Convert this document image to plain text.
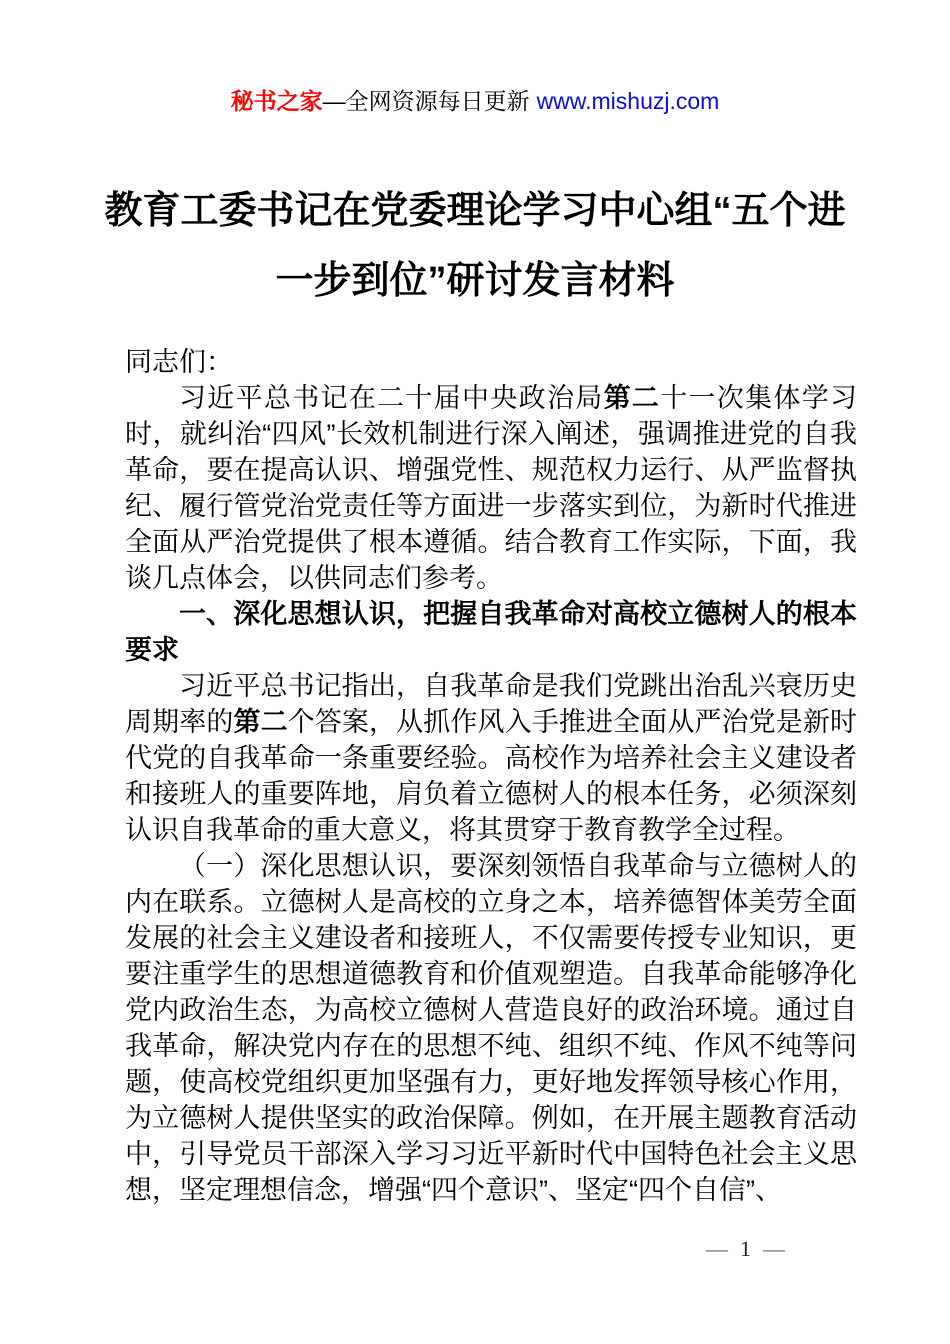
秘书之家—全网资源每日更新 www.mishuzj.com
教育工委书记在党委理论学习中心组“五个进
一步到位”研讨发言材料

同志们：

习近平总书记在二十届中央政治局第二十一次集体学习时，就纠治“四风”长效机制进行深入阐述，强调推进党的自我革命，要在提高认识、增强党性、规范权力运行、从严监督执纪、履行管党治党责任等方面进一步落实到位，为新时代推进全面从严治党提供了根本遵循。结合教育工作实际，下面，我谈几点体会，以供同志们参考。

一、深化思想认识，把握自我革命对高校立德树人的根本要求

习近平总书记指出，自我革命是我们党跳出治乱兴衰历史周期率的第二个答案，从抓作风入手推进全面从严治党是新时代党的自我革命一条重要经验。高校作为培养社会主义建设者和接班人的重要阵地，肩负着立德树人的根本任务，必须深刻认识自我革命的重大意义，将其贯穿于教育教学全过程。

（一）深化思想认识，要深刻领悟自我革命与立德树人的内在联系。立德树人是高校的立身之本，培养德智体美劳全面发展的社会主义建设者和接班人，不仅需要传授专业知识，更要注重学生的思想道德教育和价值观塑造。自我革命能够净化党内政治生态，为高校立德树人营造良好的政治环境。通过自我革命，解决党内存在的思想不纯、组织不纯、作风不纯等问题，使高校党组织更加坚强有力，更好地发挥领导核心作用，为立德树人提供坚实的政治保障。例如，在开展主题教育活动中，引导党员干部深入学习习近平新时代中国特色社会主义思想，坚定理想信念，增强“四个意识”、坚定“四个自信”、

— 1 —
